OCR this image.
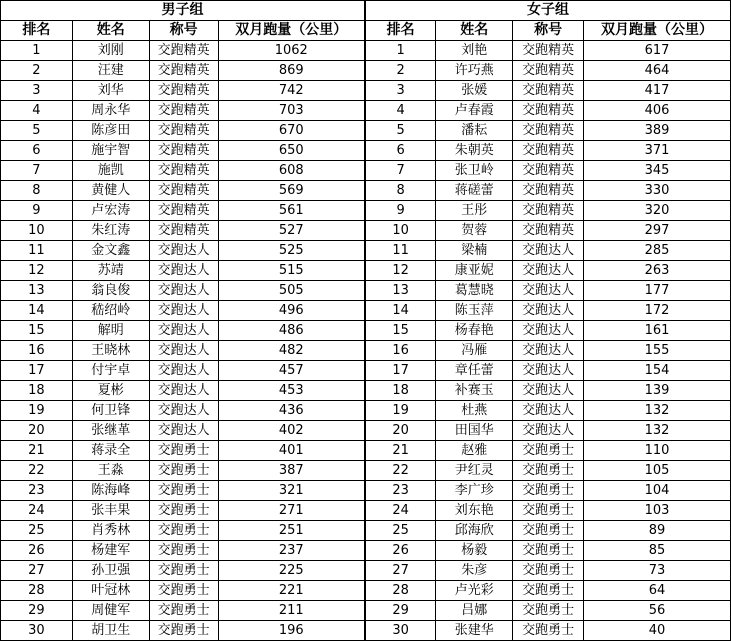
男子组				女子组			
排名	姓名	称号	双月跑量（公里）	排名	姓名	称号	双月跑量（公里）
1	刘刚	交跑精英	1062	1	刘艳	交跑精英	617
2	汪建	交跑精英	869	2	许巧燕	交跑精英	464
3	刘华	交跑精英	742	3	张媛	交跑精英	417
4	周永华	交跑精英	703	4	卢春霞	交跑精英	406
5	陈彦田	交跑精英	670	5	潘耘	交跑精英	389
6	施宇智	交跑精英	650	6	朱朝英	交跑精英	371
7	施凯	交跑精英	608	7	张卫岭	交跑精英	345
8	黄健人	交跑精英	569	8	蒋磋蕾	交跑精英	330
9	卢宏涛	交跑精英	561	9	王彤	交跑精英	320
10	朱红涛	交跑精英	527	10	贺蓉	交跑精英	297
11	金文鑫	交跑达人	525	11	梁楠	交跑达人	285
12	苏靖	交跑达人	515	12	康亚妮	交跑达人	263
13	翁良俊	交跑达人	505	13	葛慧晓	交跑达人	177
14	嵇绍岭	交跑达人	496	14	陈玉萍	交跑达人	172
15	解明	交跑达人	486	15	杨春艳	交跑达人	161
16	王晓林	交跑达人	482	16	冯雁	交跑达人	155
17	付宇卓	交跑达人	457	17	章任蕾	交跑达人	154
18	夏彬	交跑达人	453	18	补赛玉	交跑达人	139
19	何卫锋	交跑达人	436	19	杜燕	交跑达人	132
20	张继革	交跑达人	402	20	田国华	交跑达人	132
21	蒋录全	交跑勇士	401	21	赵雅	交跑勇士	110
22	王淼	交跑勇士	387	22	尹红灵	交跑勇士	105
23	陈海峰	交跑勇士	321	23	李广珍	交跑勇士	104
24	张丰果	交跑勇士	271	24	刘东艳	交跑勇士	103
25	肖秀林	交跑勇士	251	25	邱海欣	交跑勇士	89
26	杨建军	交跑勇士	237	26	杨毅	交跑勇士	85
27	孙卫强	交跑勇士	225	27	朱彦	交跑勇士	73
28	叶冠林	交跑勇士	221	28	卢光彩	交跑勇士	64
29	周健军	交跑勇士	211	29	吕娜	交跑勇士	56
30	胡卫生	交跑勇士	196	30	张建华	交跑勇士	40
